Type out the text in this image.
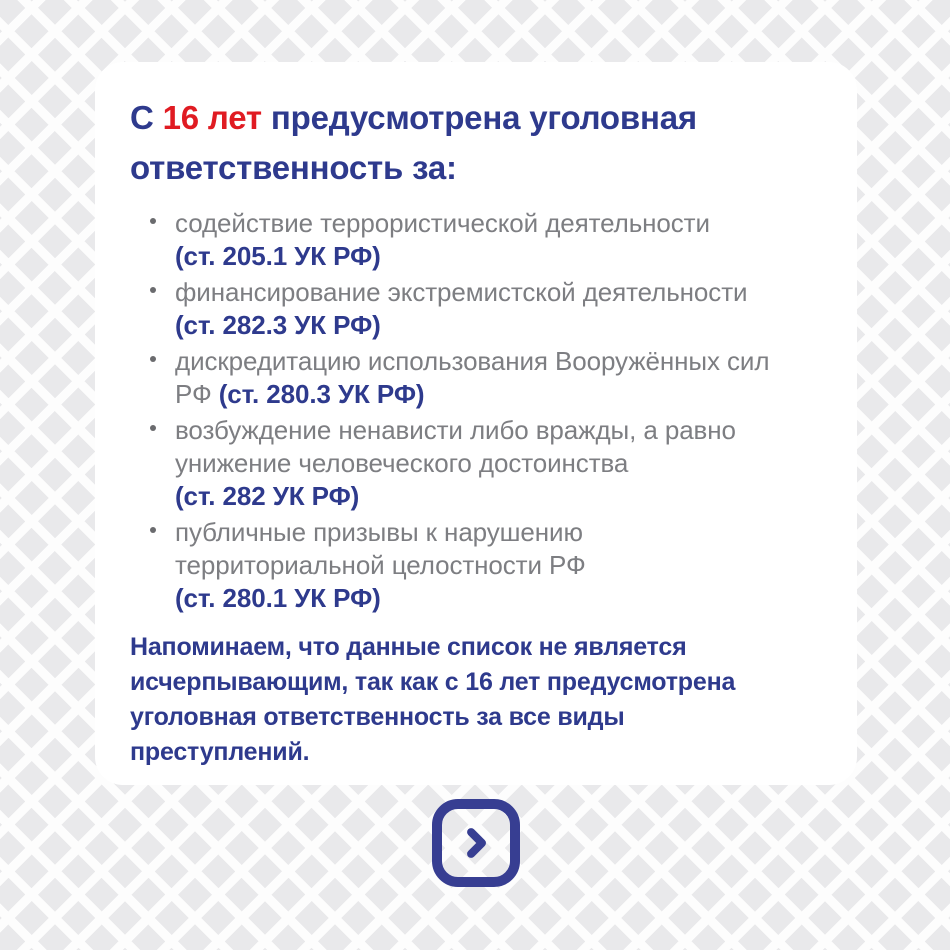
С 16 лет предусмотрена уголовная
ответственность за:
содействие террористической деятельности
(ст. 205.1 УК РФ)
финансирование экстремистской деятельности
(ст. 282.3 УК РФ)
дискредитацию использования Вооружённых сил
РФ (ст. 280.3 УК РФ)
возбуждение ненависти либо вражды, а равно
унижение человеческого достоинства
(ст. 282 УК РФ)
публичные призывы к нарушению
территориальной целостности РФ
(ст. 280.1 УК РФ)
Напоминаем, что данные список не является
исчерпывающим, так как с 16 лет предусмотрена
уголовная ответственность за все виды
преступлений.
